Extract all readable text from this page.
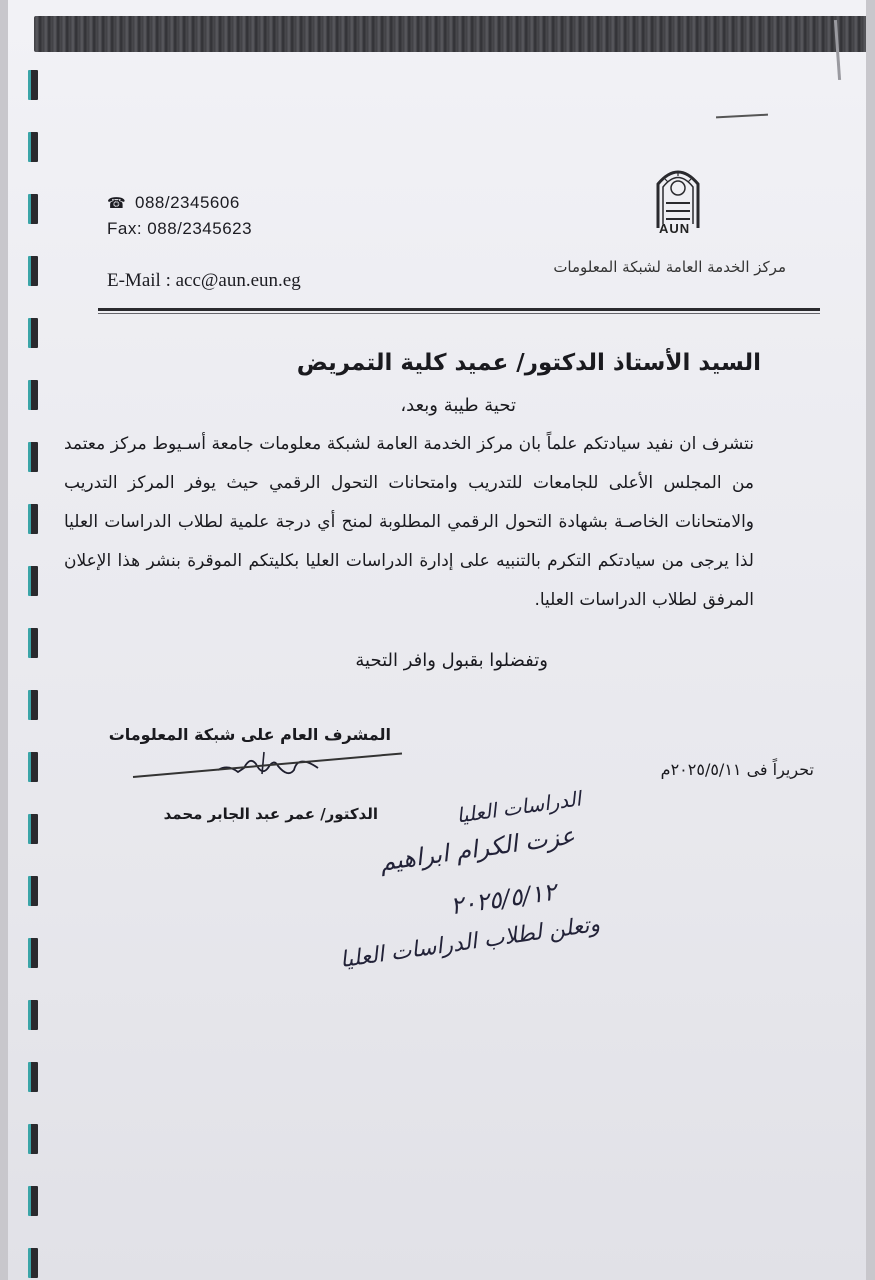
☎ 088/2345606
Fax: 088/2345623
E-Mail : acc@aun.eun.eg
AUN
مركز الخدمة العامة لشبكة المعلومات
السيد الأستاذ الدكتور/ عميد كلية التمريض
تحية طيبة وبعد،
نتشرف ان نفيد سيادتكم علماً بان مركز الخدمة العامة لشبكة معلومات جامعة أسـيوط مركز معتمد من المجلس الأعلى للجامعات للتدريب وامتحانات التحول الرقمي حيث يوفر المركز التدريب والامتحانات الخاصـة بشهادة التحول الرقمي المطلوبة لمنح أي درجة علمية لطلاب الدراسات العليا لذا يرجى من سيادتكم التكرم بالتنبيه على إدارة الدراسات العليا بكليتكم الموقرة بنشر هذا الإعلان المرفق لطلاب الدراسات العليا.
وتفضلوا بقبول وافر التحية
المشرف العام على شبكة المعلومات
الدكتور/ عمر عبد الجابر محمد
تحريراً فى ٢٠٢٥/٥/١١م
الدراسات العليا
عزت الكرام ابراهيم
٢٠٢٥/٥/١٢
وتعلن لطلاب الدراسات العليا
